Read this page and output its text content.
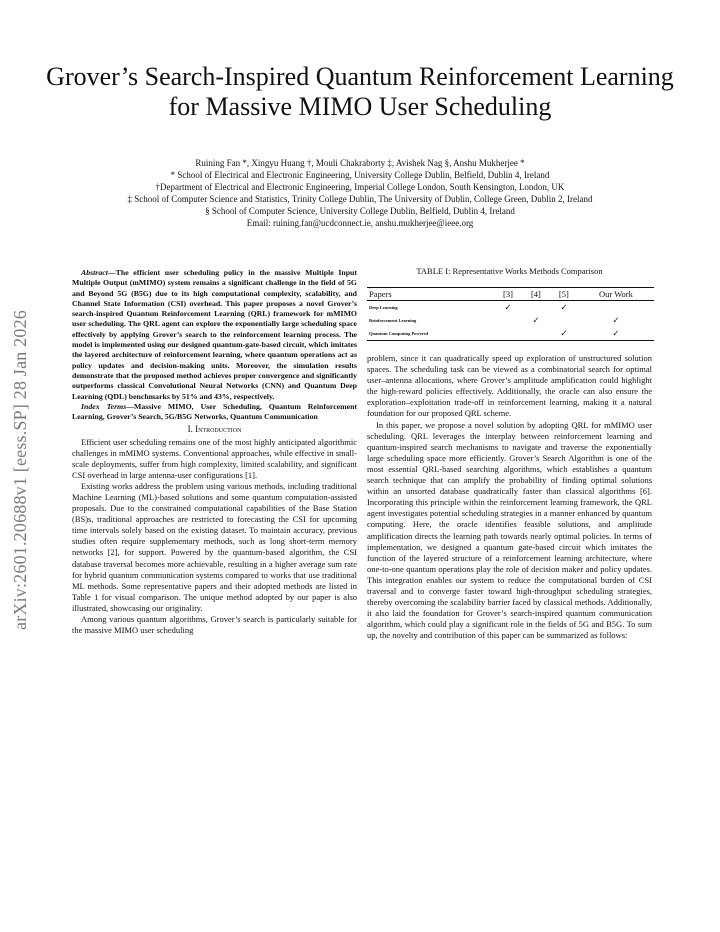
arXiv:2601.20688v1 [eess.SP] 28 Jan 2026
Grover’s Search-Inspired Quantum Reinforcement Learning for Massive MIMO User Scheduling
Ruining Fan *, Xingyu Huang †, Mouli Chakraborty ‡, Avishek Nag §, Anshu Mukherjee *
* School of Electrical and Electronic Engineering, University College Dublin, Belfield, Dublin 4, Ireland
†Department of Electrical and Electronic Engineering, Imperial College London, South Kensington, London, UK
‡ School of Computer Science and Statistics, Trinity College Dublin, The University of Dublin, College Green, Dublin 2, Ireland
§ School of Computer Science, University College Dublin, Belfield, Dublin 4, Ireland
Email: ruining.fan@ucdconnect.ie, anshu.mukherjee@ieee.org

Abstract—The efficient user scheduling policy in the massive Multiple Input Multiple Output (mMIMO) system remains a significant challenge in the field of 5G and Beyond 5G (B5G) due to its high computational complexity, scalability, and Channel State Information (CSI) overhead. This paper proposes a novel Grover’s search-inspired Quantum Reinforcement Learning (QRL) framework for mMIMO user scheduling. The QRL agent can explore the exponentially large scheduling space effectively by applying Grover’s search to the reinforcement learning process. The model is implemented using our designed quantum-gate-based circuit, which imitates the layered architecture of reinforcement learning, where quantum operations act as policy updates and decision-making units. Moreover, the simulation results demonstrate that the proposed method achieves proper convergence and significantly outperforms classical Convolutional Neural Networks (CNN) and Quantum Deep Learning (QDL) benchmarks by 51% and 43%, respectively.

Index Terms—Massive MIMO, User Scheduling, Quantum Reinforcement Learning, Grover’s Search, 5G/B5G Networks, Quantum Communication

I. Introduction

Efficient user scheduling remains one of the most highly anticipated algorithmic challenges in mMIMO systems. Conventional approaches, while effective in small-scale deployments, suffer from high complexity, limited scalability, and significant CSI overhead in large antenna-user configurations [1].

Existing works address the problem using various methods, including traditional Machine Learning (ML)-based solutions and some quantum computation-assisted proposals. Due to the constrained computational capabilities of the Base Station (BS)s, traditional approaches are restricted to forecasting the CSI for upcoming time intervals solely based on the existing dataset. To maintain accuracy, previous studies often require supplementary methods, such as long short-term memory networks [2], for support. Powered by the quantum-based algorithm, the CSI database traversal becomes more achievable, resulting in a higher average sum rate for hybrid quantum communication systems compared to works that use traditional ML methods. Some representative papers and their adopted methods are listed in Table 1 for visual comparison. The unique method adopted by our paper is also illustrated, showcasing our originality.

Among various quantum algorithms, Grover’s search is particularly suitable for the massive MIMO user scheduling

TABLE I: Representative Works Methods Comparison
Papers	[3]	[4]	[5]	Our Work
Deep Learning	✓		✓	
Reinforcement Learning		✓		✓
Quantum Computing Powered			✓	✓

problem, since it can quadratically speed up exploration of unstructured solution spaces. The scheduling task can be viewed as a combinatorial search for optimal user–antenna allocations, where Grover’s amplitude amplification could highlight the high-reward policies effectively. Additionally, the oracle can also ensure the exploration–exploitation trade-off in reinforcement learning, making it a natural foundation for our proposed QRL scheme.

In this paper, we propose a novel solution by adopting QRL for mMIMO user scheduling. QRL leverages the interplay between reinforcement learning and quantum-inspired search mechanisms to navigate and traverse the exponentially large scheduling space more efficiently. Grover’s Search Algorithm is one of the most essential QRL-based searching algorithms, which establishes a quantum search technique that can amplify the probability of finding optimal solutions within an unsorted database quadratically faster than classical algorithms [6]. Incorporating this principle within the reinforcement learning framework, the QRL agent investigates potential scheduling strategies in a manner enhanced by quantum computing. Here, the oracle identifies feasible solutions, and amplitude amplification directs the learning path towards nearly optimal policies. In terms of implementation, we designed a quantum gate-based circuit which imitates the function of the layered structure of a reinforcement learning architecture, where one-to-one quantum operations play the role of decision maker and policy updates. This integration enables our system to reduce the computational burden of CSI traversal and to converge faster toward high-throughput scheduling strategies, thereby overcoming the scalability barrier faced by classical methods. Additionally, it also laid the foundation for Grover’s search-inspired quantum communication algorithm, which could play a significant role in the fields of 5G and B5G. To sum up, the novelty and contribution of this paper can be summarized as follows:
